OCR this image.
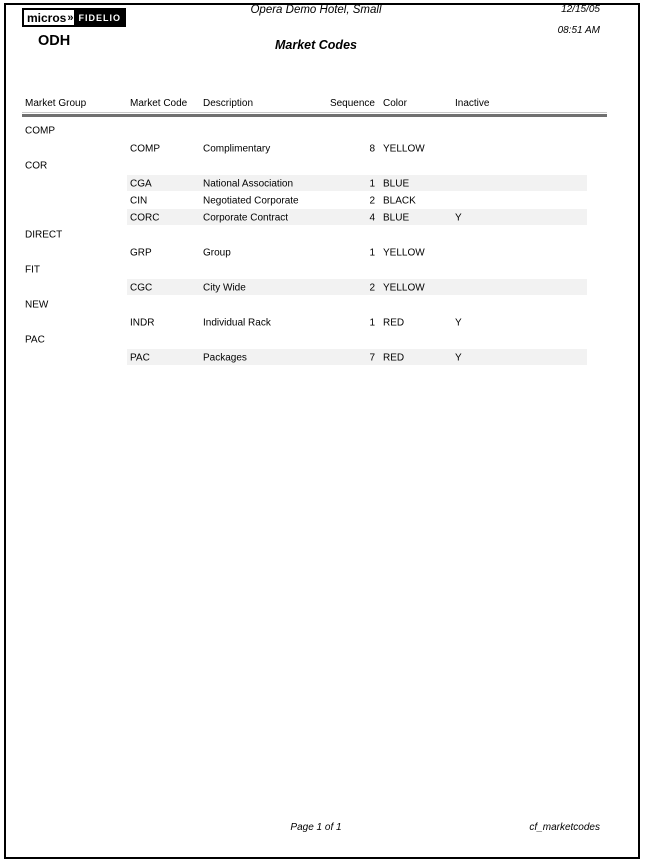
micros » FIDELIO
Opera Demo Hotel, Small	12/15/05
08:51 AM
ODH	Market Codes
Market Group	Market Code Description	Sequence Color	Inactive
COMP
COMP	Complimentary	8 YELLOW
COR
CGA	National Association	1 BLUE
CIN	Negotiated Corporate	2 BLACK
CORC	Corporate Contract	4 BLUE	Y
DIRECT
GRP	Group	1 YELLOW
FIT
CGC	City Wide	2 YELLOW
NEW
INDR	Individual Rack	1 RED	Y
PAC
PAC	Packages	7 RED	Y
Page 1 of 1	cf_marketcodes
